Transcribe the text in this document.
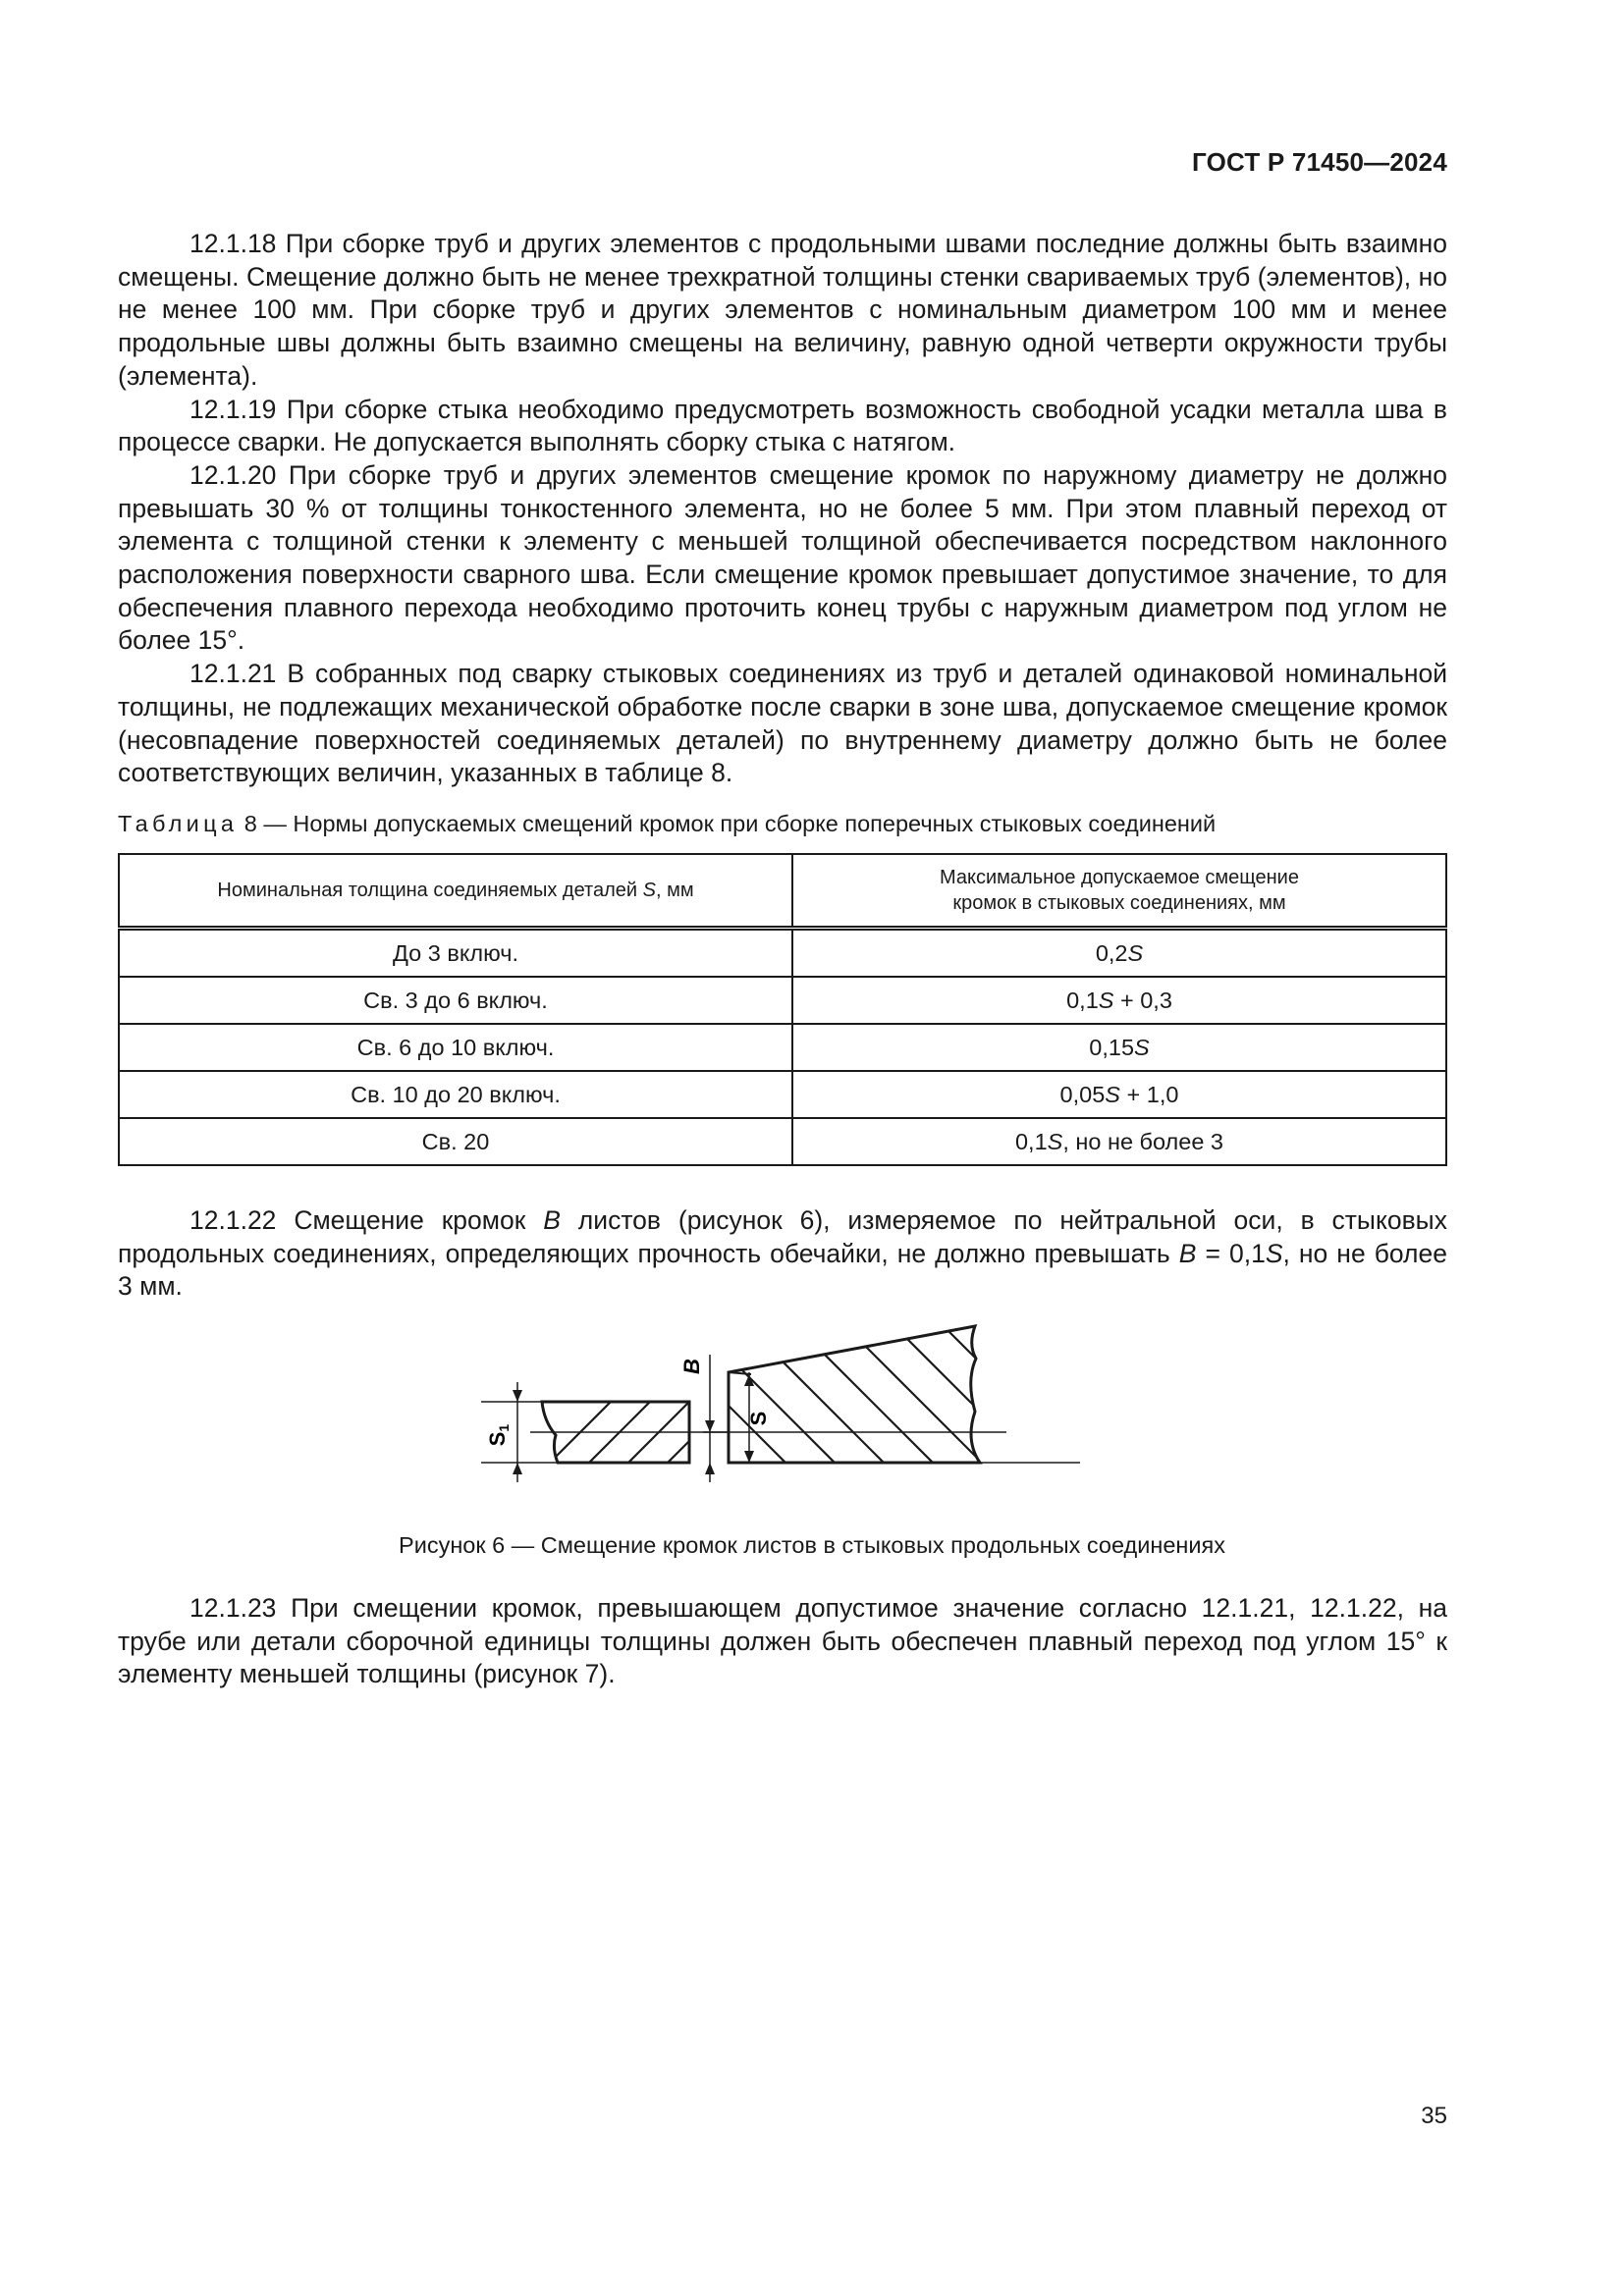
ГОСТ Р 71450—2024

12.1.18 При сборке труб и других элементов с продольными швами последние должны быть взаимно смещены. Смещение должно быть не менее трехкратной толщины стенки свариваемых труб (элементов), но не менее 100 мм. При сборке труб и других элементов с номинальным диаметром 100 мм и менее продольные швы должны быть взаимно смещены на величину, равную одной четверти окружности трубы (элемента).

12.1.19 При сборке стыка необходимо предусмотреть возможность свободной усадки металла шва в процессе сварки. Не допускается выполнять сборку стыка с натягом.

12.1.20 При сборке труб и других элементов смещение кромок по наружному диаметру не должно превышать 30 % от толщины тонкостенного элемента, но не более 5 мм. При этом плавный переход от элемента с толщиной стенки к элементу с меньшей толщиной обеспечивается посредством наклонного расположения поверхности сварного шва. Если смещение кромок превышает допустимое значение, то для обеспечения плавного перехода необходимо проточить конец трубы с наружным диаметром под углом не более 15°.

12.1.21 В собранных под сварку стыковых соединениях из труб и деталей одинаковой номинальной толщины, не подлежащих механической обработке после сварки в зоне шва, допускаемое смещение кромок (несовпадение поверхностей соединяемых деталей) по внутреннему диаметру должно быть не более соответствующих величин, указанных в таблице 8.

Таблица 8 — Нормы допускаемых смещений кромок при сборке поперечных стыковых соединений
Номинальная толщина соединяемых деталей S, мм	Максимальное допускаемое смещение
кромок в стыковых соединениях, мм
До 3 включ.	0,2S
Св. 3 до 6 включ.	0,1S + 0,3
Св. 6 до 10 включ.	0,15S
Св. 10 до 20 включ.	0,05S + 1,0
Св. 20	0,1S, но не более 3

12.1.22 Смещение кромок B листов (рисунок 6), измеряемое по нейтральной оси, в стыковых продольных соединениях, определяющих прочность обечайки, не должно превышать B = 0,1S, но не более 3 мм.

S1
B
S
Рисунок 6 — Смещение кромок листов в стыковых продольных соединениях

12.1.23 При смещении кромок, превышающем допустимое значение согласно 12.1.21, 12.1.22, на трубе или детали сборочной единицы толщины должен быть обеспечен плавный переход под углом 15° к элементу меньшей толщины (рисунок 7).

35
